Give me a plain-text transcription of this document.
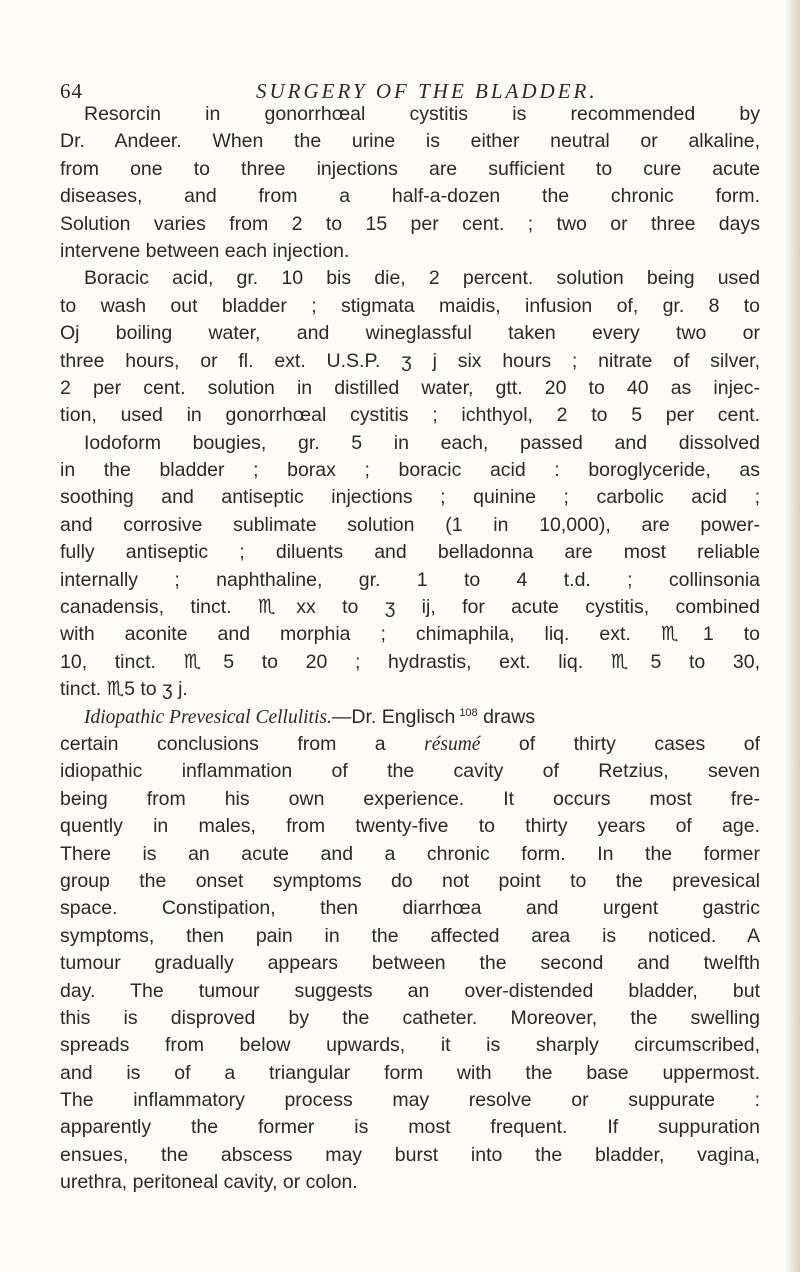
64	SURGERY OF THE BLADDER.
Resorcin in gonorrhœal cystitis is recommended by
Dr. Andeer. When the urine is either neutral or alkaline,
from one to three injections are sufficient to cure acute
diseases, and from a half-a-dozen the chronic form.
Solution varies from 2 to 15 per cent. ; two or three days
intervene between each injection.
Boracic acid, gr. 10 bis die, 2 percent. solution being used
to wash out bladder ; stigmata maidis, infusion of, gr. 8 to
Oj boiling water, and wineglassful taken every two or
three hours, or fl. ext. U.S.P. ʒ j six hours ; nitrate of silver,
2 per cent. solution in distilled water, gtt. 20 to 40 as injec-
tion, used in gonorrhœal cystitis ; ichthyol, 2 to 5 per cent.
Iodoform bougies, gr. 5 in each, passed and dissolved
in the bladder ; borax ; boracic acid : boroglyceride, as
soothing and antiseptic injections ; quinine ; carbolic acid ;
and corrosive sublimate solution (1 in 10,000), are power-
fully antiseptic ; diluents and belladonna are most reliable
internally ; naphthaline, gr. 1 to 4 t.d. ; collinsonia
canadensis, tinct. ♏xx to ʒ ij, for acute cystitis, combined
with aconite and morphia ; chimaphila, liq. ext. ♏1 to
10, tinct. ♏5 to 20 ; hydrastis, ext. liq. ♏5 to 30,
tinct. ♏5 to ʒ j.
Idiopathic Prevesical Cellulitis.—Dr. Englisch  $^{108}$ draws
certain conclusions from a résumé of thirty cases of
idiopathic inflammation of the cavity of Retzius, seven
being from his own experience. It occurs most fre-
quently in males, from twenty-five to thirty years of age.
There is an acute and a chronic form. In the former
group the onset symptoms do not point to the prevesical
space. Constipation, then diarrhœa and urgent gastric
symptoms, then pain in the affected area is noticed. A
tumour gradually appears between the second and twelfth
day. The tumour suggests an over-distended bladder, but
this is disproved by the catheter. Moreover, the swelling
spreads from below upwards, it is sharply circumscribed,
and is of a triangular form with the base uppermost.
The inflammatory process may resolve or suppurate :
apparently the former is most frequent. If suppuration
ensues, the abscess may burst into the bladder, vagina,
urethra, peritoneal cavity, or colon.
